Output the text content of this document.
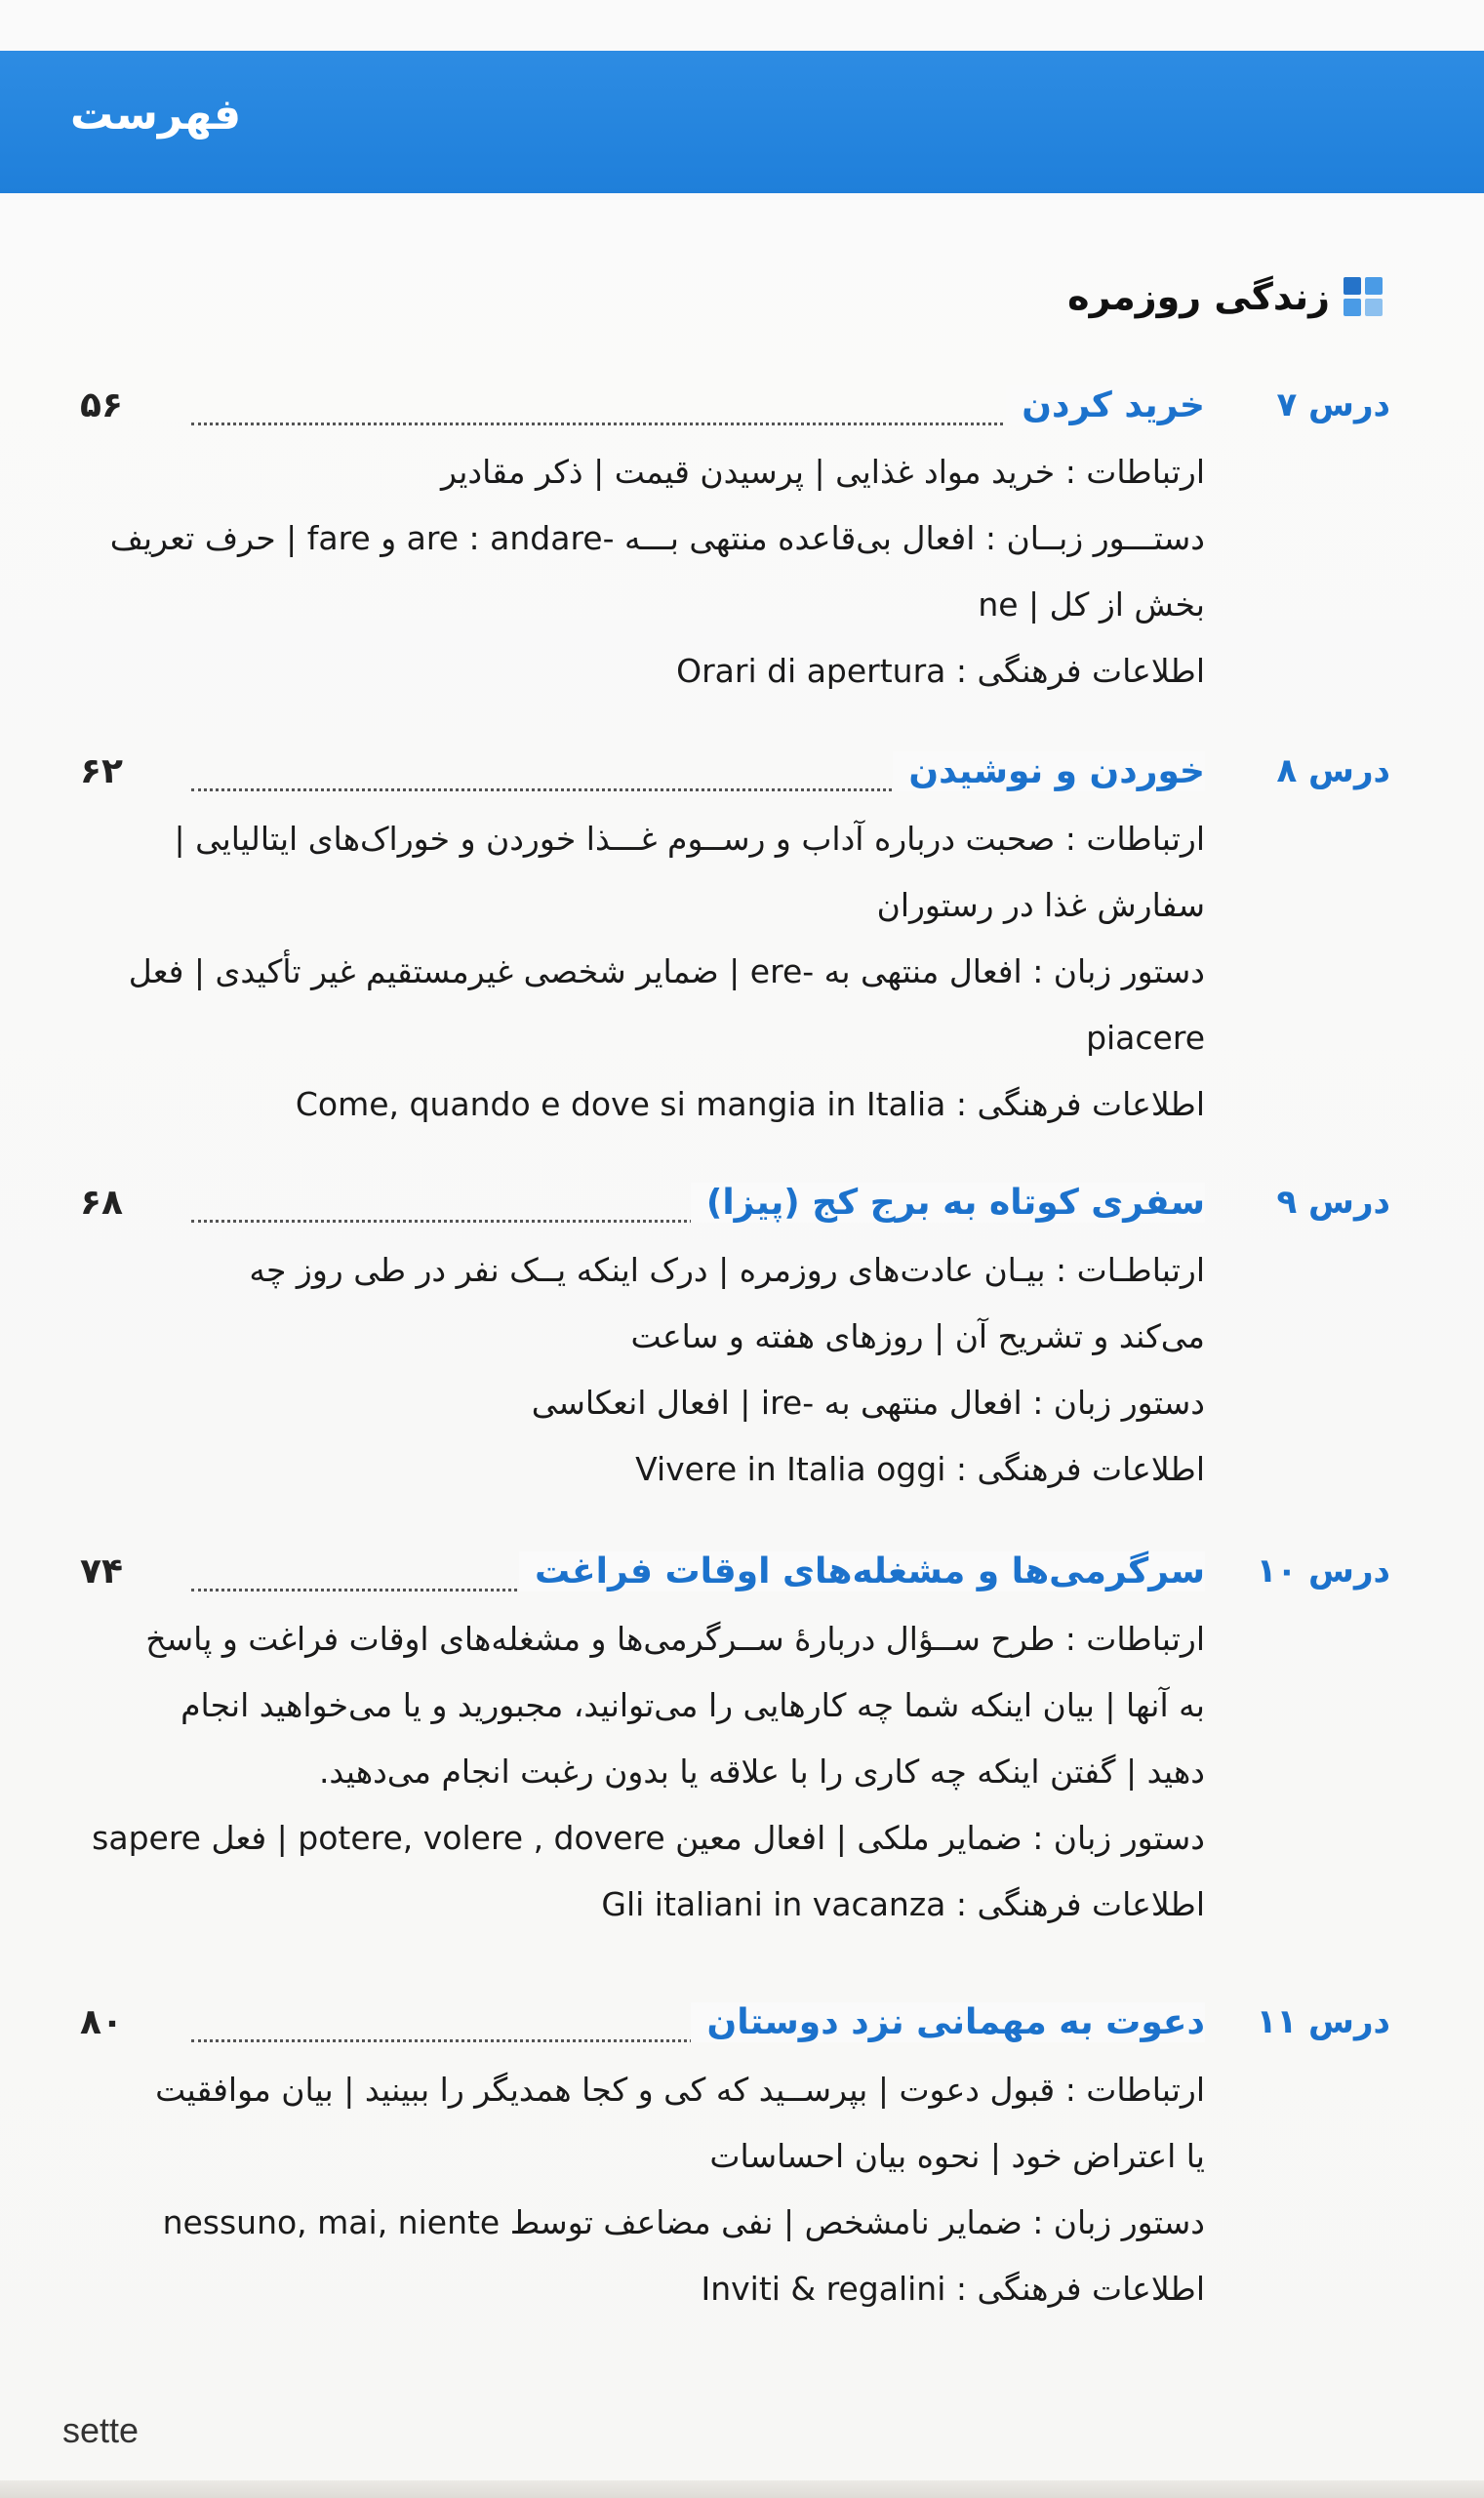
فهرست
زندگی روزمره
درس ۷
خرید کردن
۵۶
ارتباطات : خرید مواد غذایی | پرسیدن قیمت | ذکر مقادیر
دستـــور زبــان : افعال بی‌قاعده منتهی بـــه -are : andare و fare | حرف تعریف
بخش از کل | ne
اطلاعات فرهنگی : Orari di apertura
درس ۸
خوردن و نوشیدن
۶۲
ارتباطات : صحبت درباره آداب و رســوم غـــذا خوردن و خوراک‌های ایتالیایی |
سفارش غذا در رستوران
دستور زبان : افعال منتهی به -ere | ضمایر شخصی غیرمستقیم غیر تأکیدی | فعل
piacere
اطلاعات فرهنگی : Come, quando e dove si mangia in Italia
درس ۹
سفری کوتاه به برج کج (پیزا)
۶۸
ارتباطـات : بیـان عادت‌های روزمره | درک اینکه یــک نفر در طی روز چه
می‌کند و تشریح آن | روزهای هفته و ساعت
دستور زبان : افعال منتهی به -ire | افعال انعکاسی
اطلاعات فرهنگی : Vivere in Italia oggi
درس ۱۰
سرگرمی‌ها و مشغله‌های اوقات فراغت
۷۴
ارتباطات : طرح ســؤال دربارهٔ ســرگرمی‌ها و مشغله‌های اوقات فراغت و پاسخ
به آنها | بیان اینکه شما چه کارهایی را می‌توانید، مجبورید و یا می‌خواهید انجام
دهید | گفتن اینکه چه کاری را با علاقه یا بدون رغبت انجام می‌دهید.
دستور زبان : ضمایر ملکی | افعال معین potere, volere , dovere | فعل sapere
اطلاعات فرهنگی : Gli italiani in vacanza
درس ۱۱
دعوت به مهمانی نزد دوستان
۸۰
ارتباطات : قبول دعوت | بپرســید که کی و کجا همدیگر را ببینید | بیان موافقیت
یا اعتراض خود | نحوه بیان احساسات
دستور زبان : ضمایر نامشخص | نفی مضاعف توسط nessuno, mai, niente
اطلاعات فرهنگی : Inviti & regalini
sette
